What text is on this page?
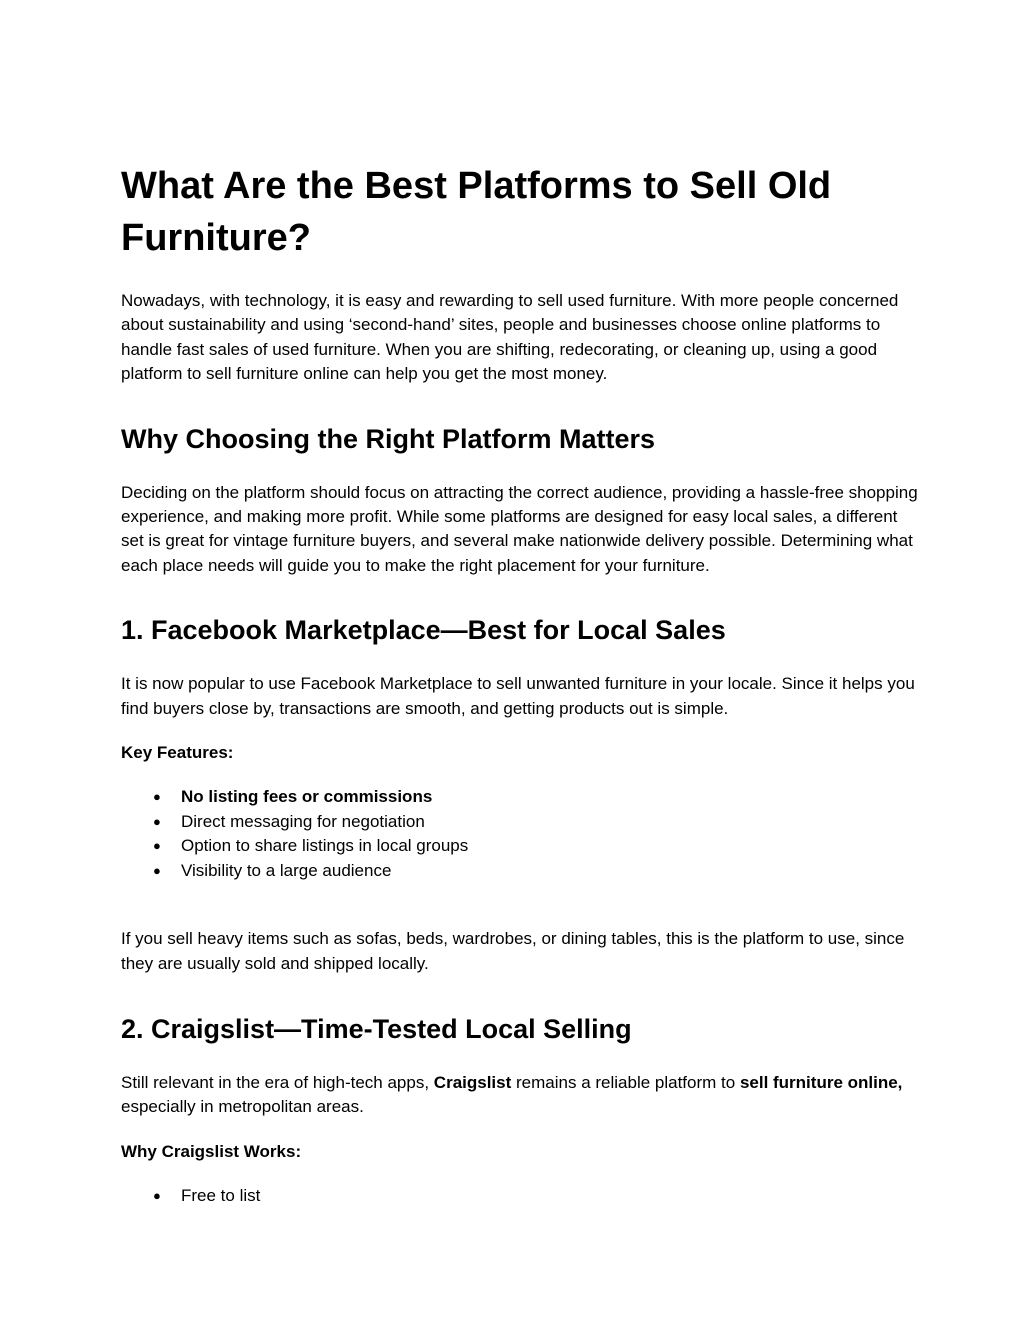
What Are the Best Platforms to Sell Old Furniture?

Nowadays, with technology, it is easy and rewarding to sell used furniture. With more people concerned about sustainability and using ‘second-hand’ sites, people and businesses choose online platforms to handle fast sales of used furniture. When you are shifting, redecorating, or cleaning up, using a good platform to sell furniture online can help you get the most money.

Why Choosing the Right Platform Matters

Deciding on the platform should focus on attracting the correct audience, providing a hassle-free shopping experience, and making more profit. While some platforms are designed for easy local sales, a different set is great for vintage furniture buyers, and several make nationwide delivery possible. Determining what each place needs will guide you to make the right placement for your furniture.

1. Facebook Marketplace—Best for Local Sales

It is now popular to use Facebook Marketplace to sell unwanted furniture in your locale. Since it helps you find buyers close by, transactions are smooth, and getting products out is simple.

Key Features:

● No listing fees or commissions
● Direct messaging for negotiation
● Option to share listings in local groups
● Visibility to a large audience

If you sell heavy items such as sofas, beds, wardrobes, or dining tables, this is the platform to use, since they are usually sold and shipped locally.

2. Craigslist—Time-Tested Local Selling

Still relevant in the era of high-tech apps, Craigslist remains a reliable platform to sell furniture online, especially in metropolitan areas.

Why Craigslist Works:

● Free to list
